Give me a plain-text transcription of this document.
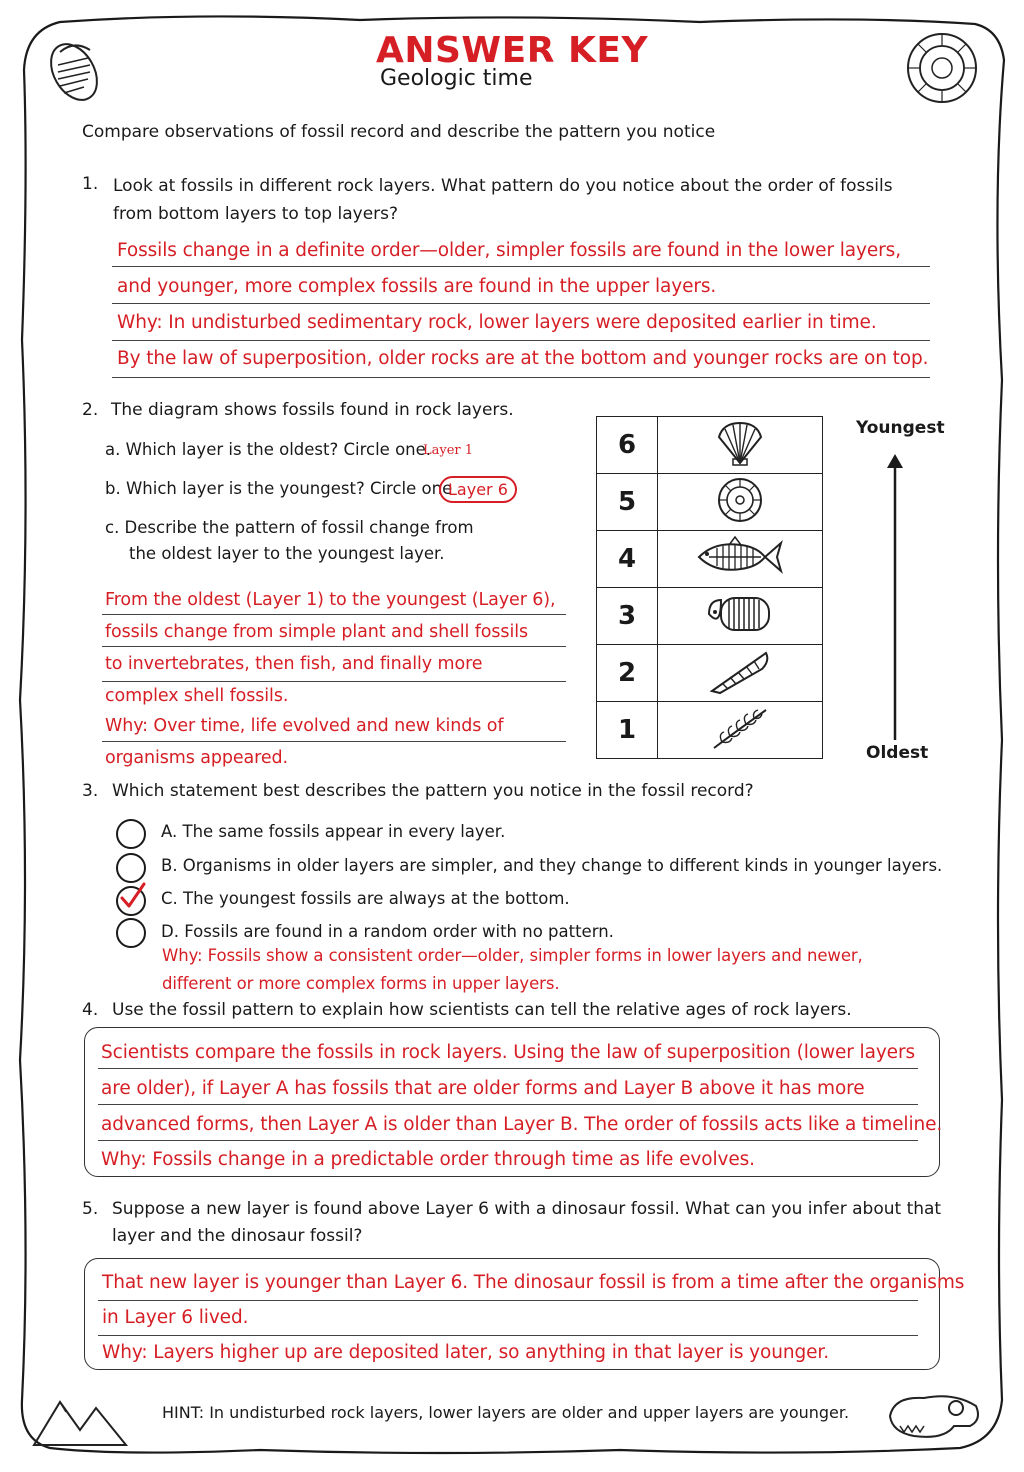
ANSWER KEY
Geologic time
Compare observations of fossil record and describe the pattern you notice
1. Look at fossils in different rock layers. What pattern do you notice about the order of fossils
from bottom layers to top layers?
Fossils change in a definite order—older, simpler fossils are found in the lower layers,
and younger, more complex fossils are found in the upper layers.
Why: In undisturbed sedimentary rock, lower layers were deposited earlier in time.
By the law of superposition, older rocks are at the bottom and younger rocks are on top.
2. The diagram shows fossils found in rock layers.
a. Which layer is the oldest? Circle one.
Layer 1
b. Which layer is the youngest? Circle one
Layer 6
c. Describe the pattern of fossil change from
the oldest layer to the youngest layer.
From the oldest (Layer 1) to the youngest (Layer 6),
fossils change from simple plant and shell fossils
to invertebrates, then fish, and finally more
complex shell fossils.
Why: Over time, life evolved and new kinds of
organisms appeared.
6	
5	
4	
3	
2	
1	
Youngest
Oldest
3. Which statement best describes the pattern you notice in the fossil record?
A. The same fossils appear in every layer.
B. Organisms in older layers are simpler, and they change to different kinds in younger layers.
C. The youngest fossils are always at the bottom.
D. Fossils are found in a random order with no pattern.
Why: Fossils show a consistent order—older, simpler forms in lower layers and newer,
different or more complex forms in upper layers.
4. Use the fossil pattern to explain how scientists can tell the relative ages of rock layers.
Scientists compare the fossils in rock layers. Using the law of superposition (lower layers
are older), if Layer A has fossils that are older forms and Layer B above it has more
advanced forms, then Layer A is older than Layer B. The order of fossils acts like a timeline.
Why: Fossils change in a predictable order through time as life evolves.
5. Suppose a new layer is found above Layer 6 with a dinosaur fossil. What can you infer about that
layer and the dinosaur fossil?
That new layer is younger than Layer 6. The dinosaur fossil is from a time after the organisms
in Layer 6 lived.
Why: Layers higher up are deposited later, so anything in that layer is younger.
HINT: In undisturbed rock layers, lower layers are older and upper layers are younger.
